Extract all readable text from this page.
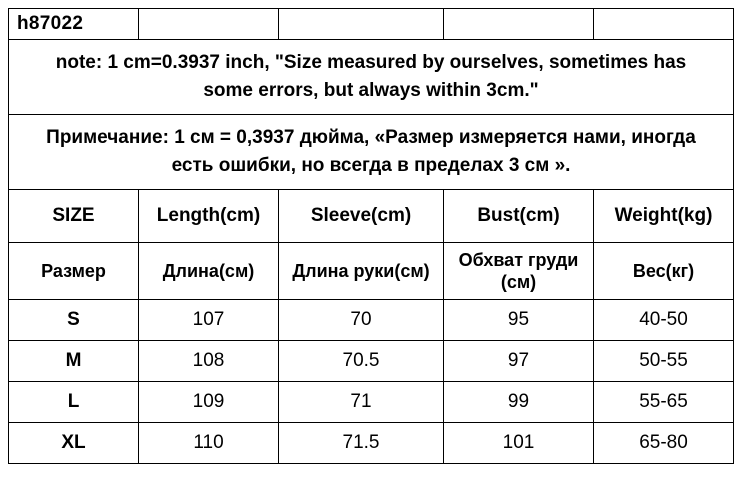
h87022				
note: 1 cm=0.3937 inch, "Size measured by ourselves, sometimes has some errors, but always within 3cm."				
Примечание: 1 см = 0,3937 дюйма, «Размер измеряется нами, иногда есть ошибки, но всегда в пределах 3 см ».				
SIZE	Length(cm)	Sleeve(cm)	Bust(cm)	Weight(kg)
Размер	Длина(см)	Длина руки(см)	Обхват груди (см)	Вес(кг)
S	107	70	95	40-50
M	108	70.5	97	50-55
L	109	71	99	55-65
XL	110	71.5	101	65-80
